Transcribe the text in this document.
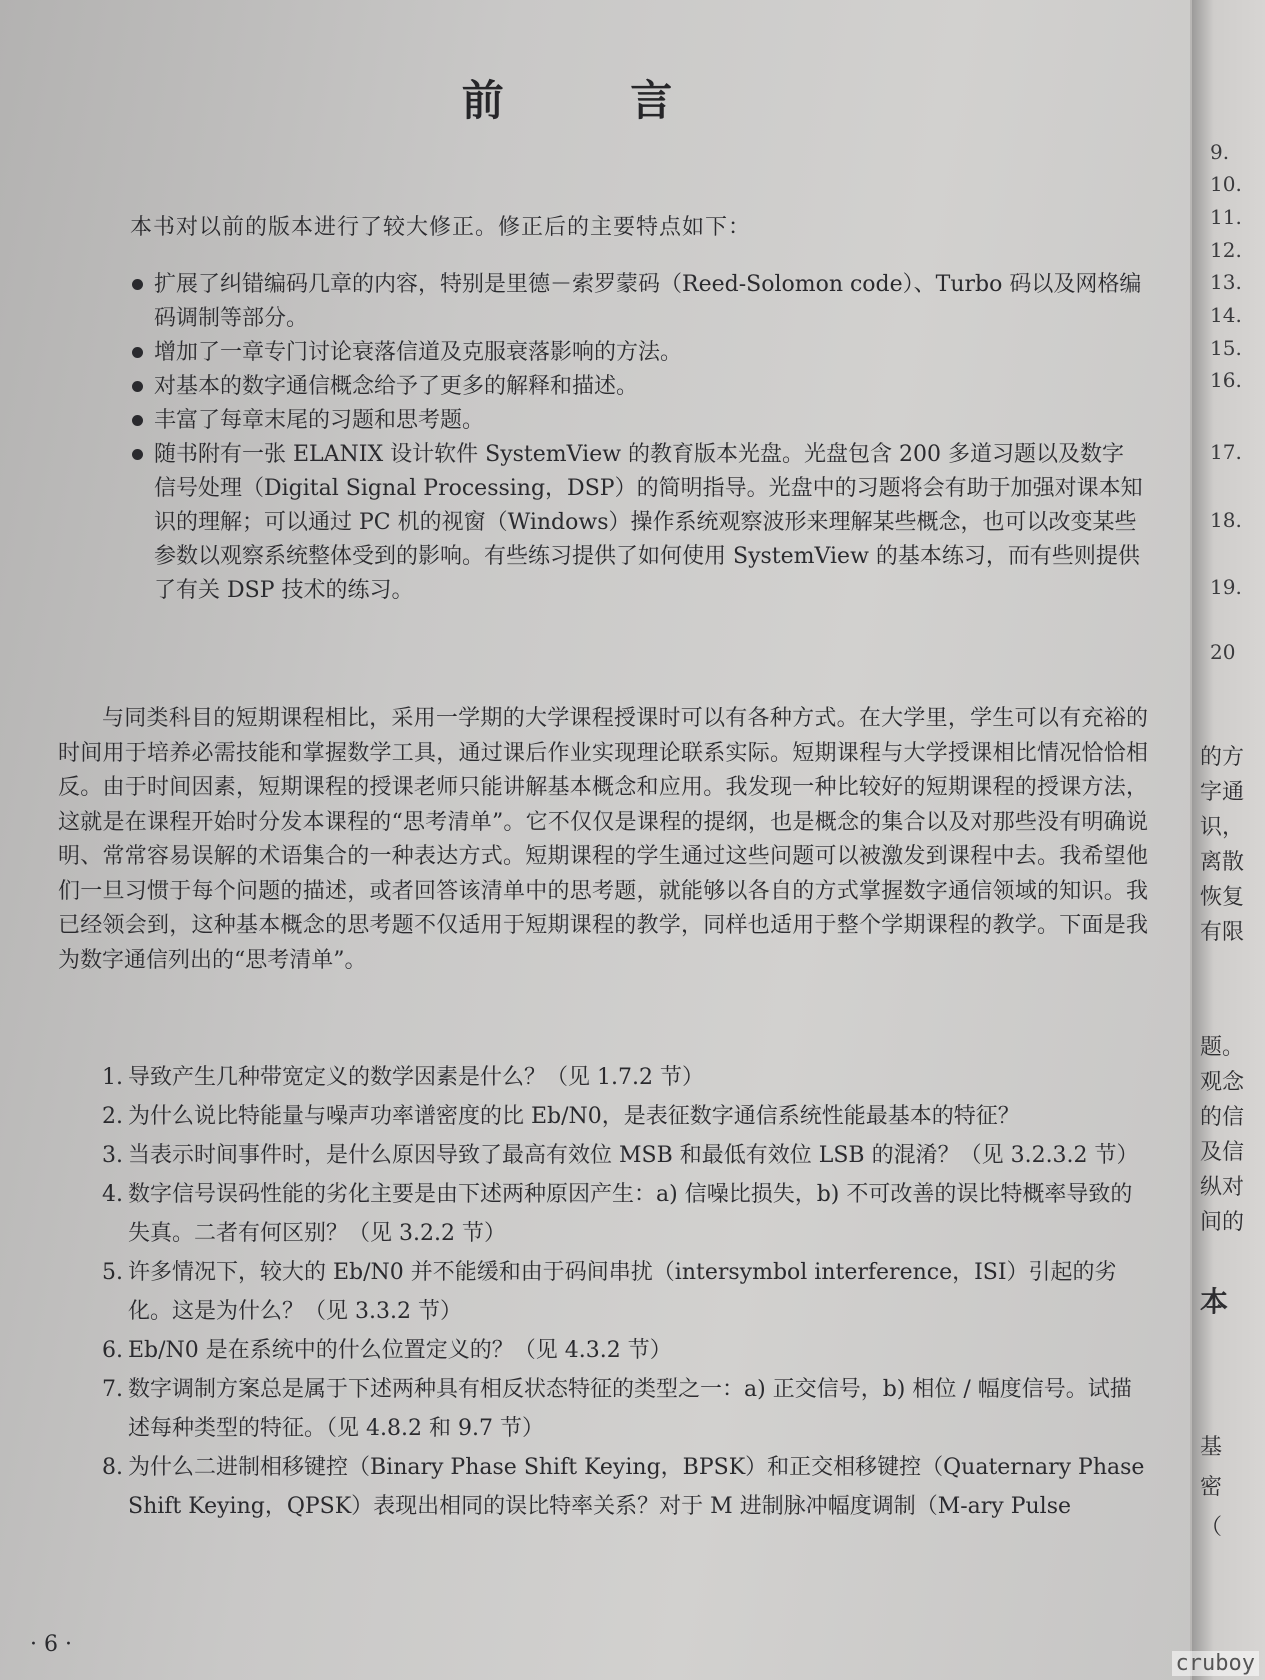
前 言
本书对以前的版本进行了较大修正。修正后的主要特点如下：
扩展了纠错编码几章的内容，特别是里德－索罗蒙码（Reed-Solomon code）、Turbo 码以及网格编码调制等部分。
增加了一章专门讨论衰落信道及克服衰落影响的方法。
对基本的数字通信概念给予了更多的解释和描述。
丰富了每章末尾的习题和思考题。
随书附有一张 ELANIX 设计软件 SystemView 的教育版本光盘。光盘包含 200 多道习题以及数字信号处理（Digital Signal Processing，DSP）的简明指导。光盘中的习题将会有助于加强对课本知识的理解；可以通过 PC 机的视窗（Windows）操作系统观察波形来理解某些概念，也可以改变某些参数以观察系统整体受到的影响。有些练习提供了如何使用 SystemView 的基本练习，而有些则提供了有关 DSP 技术的练习。

与同类科目的短期课程相比，采用一学期的大学课程授课时可以有各种方式。在大学里，学生可以有充裕的时间用于培养必需技能和掌握数学工具，通过课后作业实现理论联系实际。短期课程与大学授课相比情况恰恰相反。由于时间因素，短期课程的授课老师只能讲解基本概念和应用。我发现一种比较好的短期课程的授课方法，这就是在课程开始时分发本课程的“思考清单”。它不仅仅是课程的提纲，也是概念的集合以及对那些没有明确说明、常常容易误解的术语集合的一种表达方式。短期课程的学生通过这些问题可以被激发到课程中去。我希望他们一旦习惯于每个问题的描述，或者回答该清单中的思考题，就能够以各自的方式掌握数字通信领域的知识。我已经领会到，这种基本概念的思考题不仅适用于短期课程的教学，同样也适用于整个学期课程的教学。下面是我为数字通信列出的“思考清单”。

1. 导致产生几种带宽定义的数学因素是什么？（见 1.7.2 节）
2. 为什么说比特能量与噪声功率谱密度的比 Eb/N0，是表征数字通信系统性能最基本的特征？
3. 当表示时间事件时，是什么原因导致了最高有效位 MSB 和最低有效位 LSB 的混淆？（见 3.2.3.2 节）
4. 数字信号误码性能的劣化主要是由下述两种原因产生：a) 信噪比损失，b) 不可改善的误比特概率导致的失真。二者有何区别？（见 3.2.2 节）
5. 许多情况下，较大的 Eb/N0 并不能缓和由于码间串扰（intersymbol interference，ISI）引起的劣化。这是为什么？（见 3.3.2 节）
6. Eb/N0 是在系统中的什么位置定义的？（见 4.3.2 节）
7. 数字调制方案总是属于下述两种具有相反状态特征的类型之一：a) 正交信号，b) 相位 / 幅度信号。试描述每种类型的特征。（见 4.8.2 和 9.7 节）
8. 为什么二进制相移键控（Binary Phase Shift Keying，BPSK）和正交相移键控（Quaternary Phase Shift Keying，QPSK）表现出相同的误比特率关系？对于 M 进制脉冲幅度调制（M-ary Pulse
· 6 ·
9.
10.
11.
12.
13.
14.
15.
16.
17.
18.
19.
20
的方
字通
识，
离散
恢复
有限
题。
观念
的信
及信
纵对
间的
本
基
密
（
cruboy
